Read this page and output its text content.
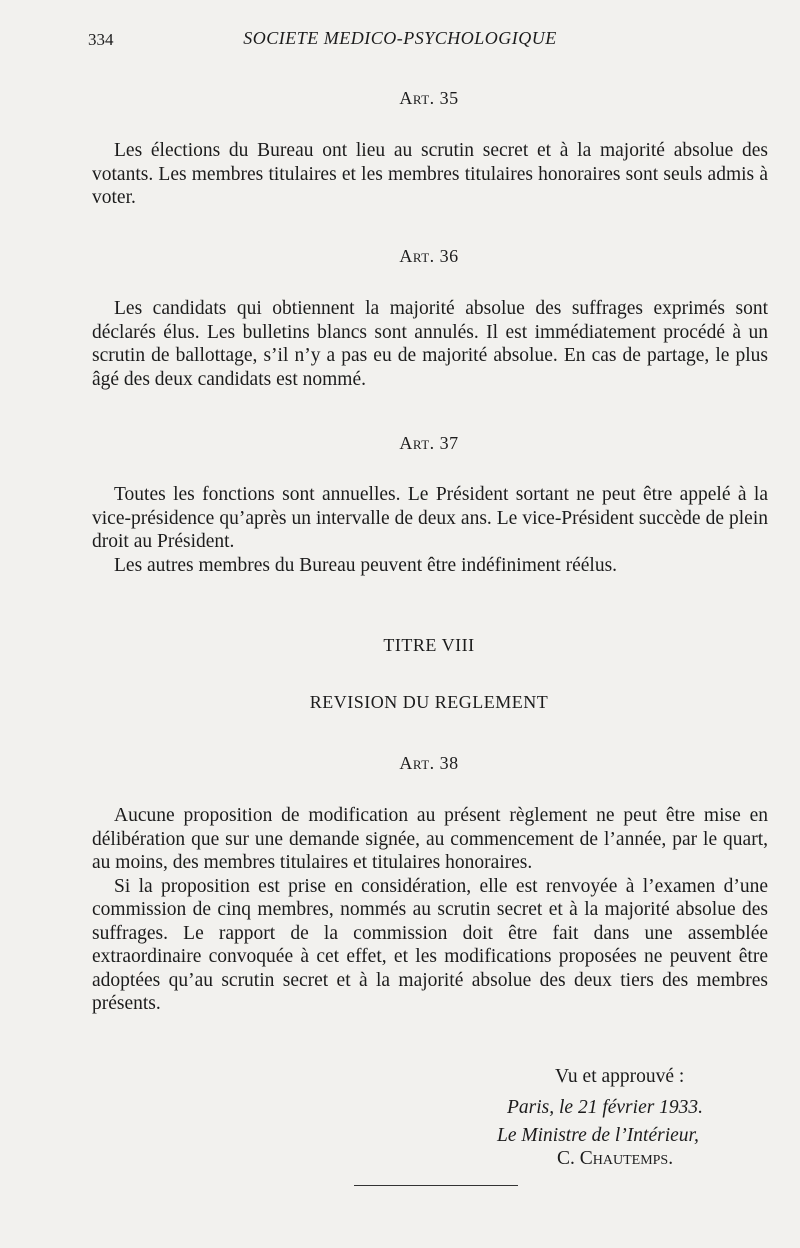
334	SOCIETE MEDICO-PSYCHOLOGIQUE
Art. 35

Les élections du Bureau ont lieu au scrutin secret et à la majorité absolue des votants. Les membres titulaires et les membres titulaires honoraires sont seuls admis à voter.

Art. 36

Les candidats qui obtiennent la majorité absolue des suffrages exprimés sont déclarés élus. Les bulletins blancs sont annulés. Il est immédiatement procédé à un scrutin de ballottage, s’il n’y a pas eu de majorité absolue. En cas de partage, le plus âgé des deux candidats est nommé.

Art. 37

Toutes les fonctions sont annuelles. Le Président sortant ne peut être appelé à la vice-présidence qu’après un intervalle de deux ans. Le vice-Président succède de plein droit au Président.

Les autres membres du Bureau peuvent être indéfiniment réélus.

TITRE VIII
REVISION DU REGLEMENT
Art. 38

Aucune proposition de modification au présent règlement ne peut être mise en délibération que sur une demande signée, au commencement de l’année, par le quart, au moins, des membres titulaires et titulaires honoraires.

Si la proposition est prise en considération, elle est renvoyée à l’examen d’une commission de cinq membres, nommés au scrutin secret et à la majorité absolue des suffrages. Le rapport de la commission doit être fait dans une assemblée extraordinaire convoquée à cet effet, et les modifications proposées ne peuvent être adoptées qu’au scrutin secret et à la majorité absolue des deux tiers des membres présents.

Vu et approuvé :
Paris, le 21 février 1933.
Le Ministre de l’Intérieur,
C. Chautemps.
